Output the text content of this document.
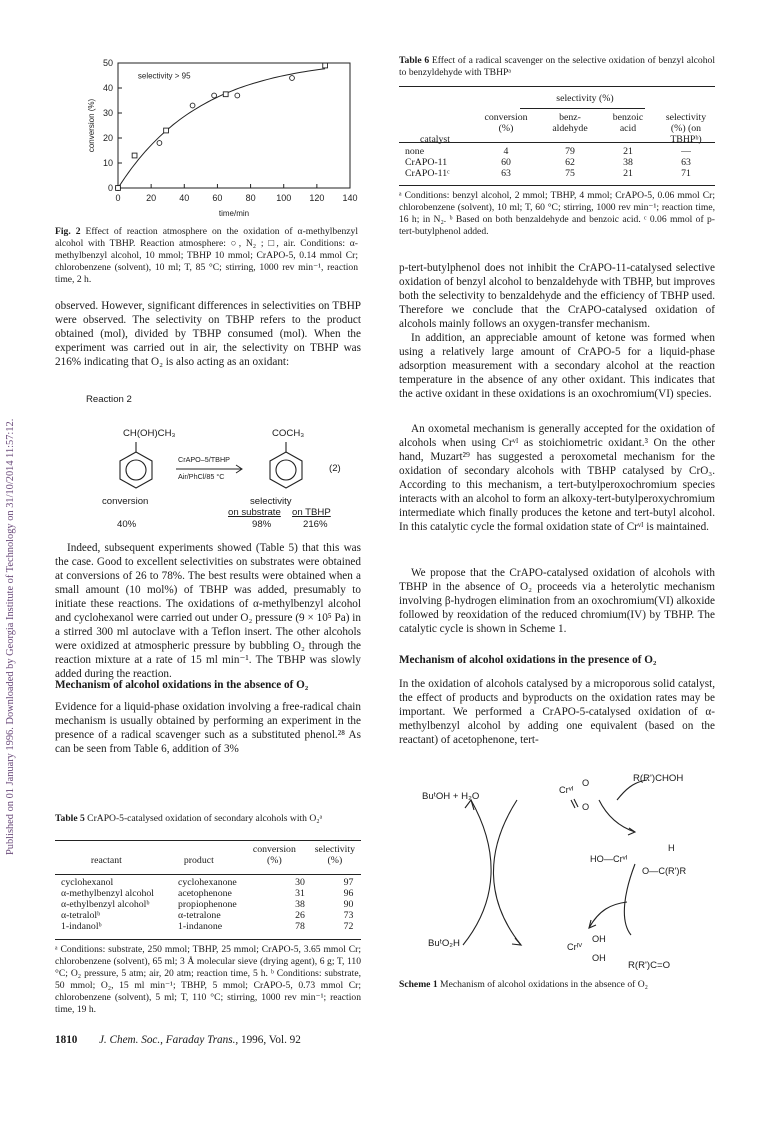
Published on 01 January 1996. Downloaded by Georgia Institute of Technology on 31/10/2014 11:57:12.
0	20	40	60	80 100 120 140
0
10
20
30
40
50
time/min
conversion (%)
selectivity > 95
Fig. 2 Effect of reaction atmosphere on the oxidation of α-methylbenzyl alcohol with TBHP. Reaction atmosphere: ○, N₂ ; □, air. Conditions: α-methylbenzyl alcohol, 10 mmol; TBHP 10 mmol; CrAPO-5, 0.14 mmol Cr; chlorobenzene (solvent), 10 ml; T, 85 °C; stirring, 1000 rev min⁻¹, reaction time, 2 h.
observed. However, significant differences in selectivities on TBHP were observed. The selectivity on TBHP refers to the product obtained (mol), divided by TBHP consumed (mol). When the experiment was carried out in air, the selectivity on TBHP was 216% indicating that O₂ is also acting as an oxidant:
Reaction 2
CH(OH)CH₃	COCH₃
CrAPO–5/TBHP
Air/PhCl/85 °C
(2)
conversion	selectivity
on substrate on TBHP
40%	98%	216%
Indeed, subsequent experiments showed (Table 5) that this was the case. Good to excellent selectivities on substrates were obtained at conversions of 26 to 78%. The best results were obtained when a small amount (10 mol%) of TBHP was added, presumably to initiate these reactions. The oxidations of α-methylbenzyl alcohol and cyclohexanol were carried out under O₂ pressure (9 × 10⁵ Pa) in a stirred 300 ml autoclave with a Teflon insert. The other alcohols were oxidized at atmospheric pressure by bubbling O₂ through the reaction mixture at a rate of 15 ml min⁻¹. The TBHP was slowly added during the reaction.
Mechanism of alcohol oxidations in the absence of O₂
Evidence for a liquid-phase oxidation involving a free-radical chain mechanism is usually obtained by performing an experiment in the presence of a radical scavenger such as a substituted phenol.²⁸ As can be seen from Table 6, addition of 3%
Table 5 CrAPO-5-catalysed oxidation of secondary alcohols with O₂ᵃ
reactant	product	conversion (%)	selectivity (%)
cyclohexanol	cyclohexanone	30	97
α-methylbenzyl alcohol	acetophenone	31	96
α-ethylbenzyl alcoholᵇ	propiophenone	38	90
α-tetralolᵇ	α-tetralone	26	73
1-indanolᵇ	1-indanone	78	72
ᵃ Conditions: substrate, 250 mmol; TBHP, 25 mmol; CrAPO-5, 3.65 mmol Cr; chlorobenzene (solvent), 65 ml; 3 Å molecular sieve (drying agent), 6 g; T, 110 °C; O₂ pressure, 5 atm; air, 20 atm; reaction time, 5 h. ᵇ Conditions: substrate, 50 mmol; O₂, 15 ml min⁻¹; TBHP, 5 mmol; CrAPO-5, 0.73 mmol Cr; chlorobenzene (solvent), 5 ml; T, 110 °C; stirring, 1000 rev min⁻¹; reaction time, 19 h.
Table 6 Effect of a radical scavenger on the selective oxidation of benzyl alcohol to benzyldehyde with TBHPᵃ
selectivity (%)
catalyst	conversion (%)	benz-aldehyde	benzoic acid	selectivity (%) (on TBHPᵇ)
none	4	79	21	—
CrAPO-11	60	62	38	63
CrAPO-11ᶜ	63	75	21	71
ᵃ Conditions: benzyl alcohol, 2 mmol; TBHP, 4 mmol; CrAPO-5, 0.06 mmol Cr; chlorobenzene (solvent), 10 ml; T, 60 °C; stirring, 1000 rev min⁻¹; reaction time, 16 h; in N₂. ᵇ Based on both benzaldehyde and benzoic acid. ᶜ 0.06 mmol of p-tert-butylphenol added.
p-tert-butylphenol does not inhibit the CrAPO-11-catalysed selective oxidation of benzyl alcohol to benzaldehyde with TBHP, but improves both the selectivity to benzaldehyde and the efficiency of TBHP used. Therefore we conclude that the CrAPO-catalysed oxidation of alcohols mainly follows an oxygen-transfer mechanism.
In addition, an appreciable amount of ketone was formed when using a relatively large amount of CrAPO-5 for a liquid-phase adsorption measurement with a secondary alcohol at the reaction temperature in the absence of any other oxidant. This indicates that the active oxidant in these oxidations is an oxochromium(VI) species.
An oxometal mechanism is generally accepted for the oxidation of alcohols when using Crᵛᴵ as stoichiometric oxidant.³ On the other hand, Muzart²⁹ has suggested a peroxometal mechanism for the oxidation of secondary alcohols with TBHP catalysed by CrO₃. According to this mechanism, a tert-butylperoxochromium species interacts with an alcohol to form an alkoxy-tert-butylperoxychromium intermediate which finally produces the ketone and tert-butyl alcohol. In this catalytic cycle the formal oxidation state of Crᵛᴵ is maintained.
We propose that the CrAPO-catalysed oxidation of alcohols with TBHP in the absence of O₂ proceeds via a heterolytic mechanism involving β-hydrogen elimination from an oxochromium(VI) alkoxide followed by reoxidation of the reduced chromium(IV) by TBHP. The catalytic cycle is shown in Scheme 1.
Mechanism of alcohol oxidations in the presence of O₂
In the oxidation of alcohols catalysed by a microporous solid catalyst, the effect of products and byproducts on the oxidation rates may be important. We performed a CrAPO-5-catalysed oxidation of α-methylbenzyl alcohol by adding one equivalent (based on the reactant) of acetophenone, tert-
R(R')CHOH
BuᵗOH + H₂O
Crᵛᴵ
O
O
HO—Crᵛᴵ
H
O—C(R')R
BuᵗO₂H	Crᴵⱽ
OH
OH
R(R')C=O
Scheme 1 Mechanism of alcohol oxidations in the absence of O₂
1810 J. Chem. Soc., Faraday Trans., 1996, Vol. 92
